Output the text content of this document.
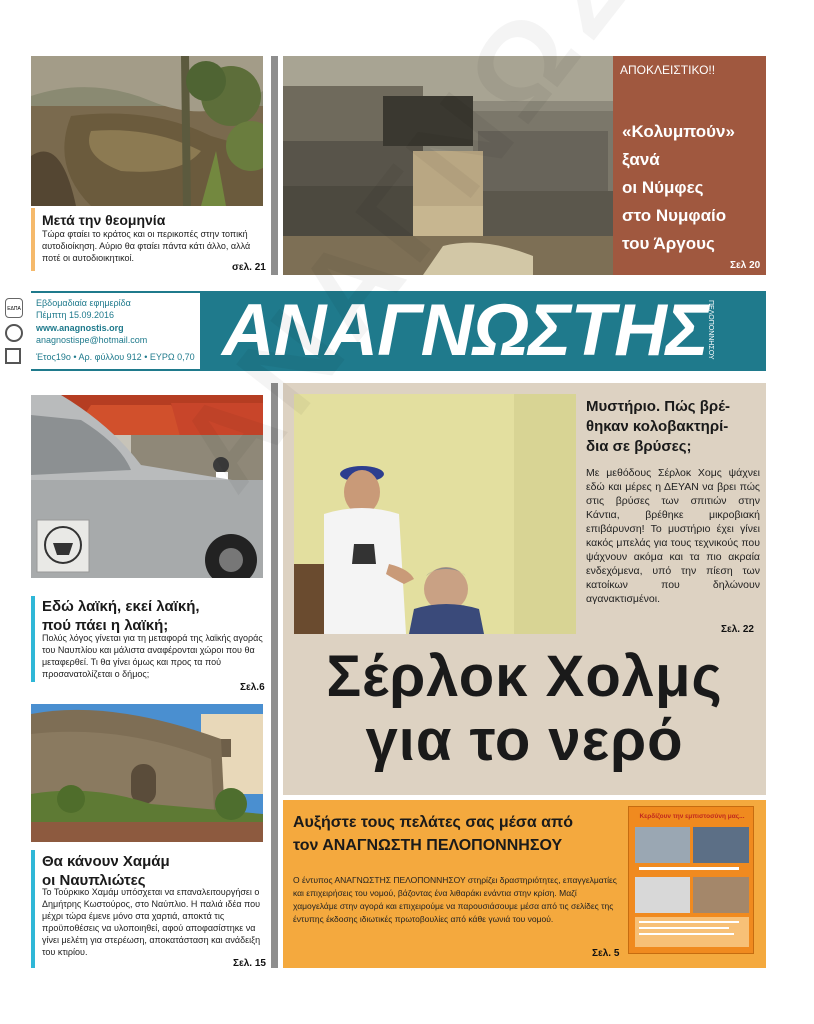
Μετά την θεομηνία
Τώρα φταίει το κράτος και οι περικοπές στην τοπική αυτοδιοίκηση. Αύριο θα φταίει πάντα κάτι άλλο, αλλά ποτέ οι αυτοδιοικητικοί.
σελ. 21
ΑΠΟΚΛΕΙΣΤΙΚΟ!!
«Κολυμπούν»
ξανά
οι Νύμφες
στο Νυμφαίο
του Άργους
Σελ 20
ΕΔΠΑ
Εβδομαδιαία εφημερίδα
Πέμπτη 15.09.2016
www.anagnostis.org
anagnostispe@hotmail.com
Έτος19ο • Αρ. φύλλου 912 • ΕΥΡΩ 0,70 ΑΝΑΓΝΩΣΤΗΣ ΠΕΛΟΠΟΝΝΗΣΟΥ
Εδώ λαϊκή, εκεί λαϊκή,
πού πάει η λαϊκή;
Πολύς λόγος γίνεται για τη μεταφορά της λαϊκής αγοράς του Ναυπλίου και μάλιστα αναφέρονται χώροι που θα μεταφερθεί. Τι θα γίνει όμως και προς τα πού προσανατολίζεται ο δήμος;
Σελ.6
Θα κάνουν Χαμάμ
οι Ναυπλιώτες
Το Τούρκικο Χαμάμ υπόσχεται να επαναλειτουργήσει ο Δημήτρης Κωστούρος, στο Ναύπλιο. Η παλιά ιδέα που μέχρι τώρα έμενε μόνο στα χαρτιά, αποκτά τις προϋποθέσεις να υλοποιηθεί, αφού αποφασίστηκε να γίνει μελέτη για στερέωση, αποκατάσταση και ανάδειξη του κτιρίου.
Σελ. 15
Μυστήριο. Πώς βρέ-
θηκαν κολοβακτηρί-
δια σε βρύσες;
Με μεθόδους Σέρλοκ Χομς ψάχνει εδώ και μέρες η ΔΕΥΑΝ να βρει πώς στις βρύσες των σπιτιών στην Κάντια, βρέθηκε μικροβιακή επιβάρυνση! Το μυστήριο έχει γίνει κακός μπελάς για τους τεχνικούς που ψάχνουν ακόμα και τα πιο ακραία ενδεχόμενα, υπό την πίεση των κατοίκων που δηλώνουν αγανακτισμένοι.
Σελ. 22
Σέρλοκ Χολμς
για το νερό
Αυξήστε τους πελάτες σας μέσα από
τον ΑΝΑΓΝΩΣΤΗ ΠΕΛΟΠΟΝΝΗΣΟΥ
Ο έντυπος ΑΝΑΓΝΩΣΤΗΣ ΠΕΛΟΠΟΝΝΗΣΟΥ στηρίζει δραστηριότητες, επαγγελματίες και επιχειρήσεις του νομού, βάζοντας ένα λιθαράκι ενάντια στην κρίση. Μαζί χαμογελάμε στην αγορά και επιχειρούμε να παρουσιάσουμε μέσα από τις σελίδες της έντυπης έκδοσης ιδιωτικές πρωτοβουλίες από κάθε γωνιά του νομού.
Σελ. 5
Κερδίζουν την εμπιστοσύνη μας...
